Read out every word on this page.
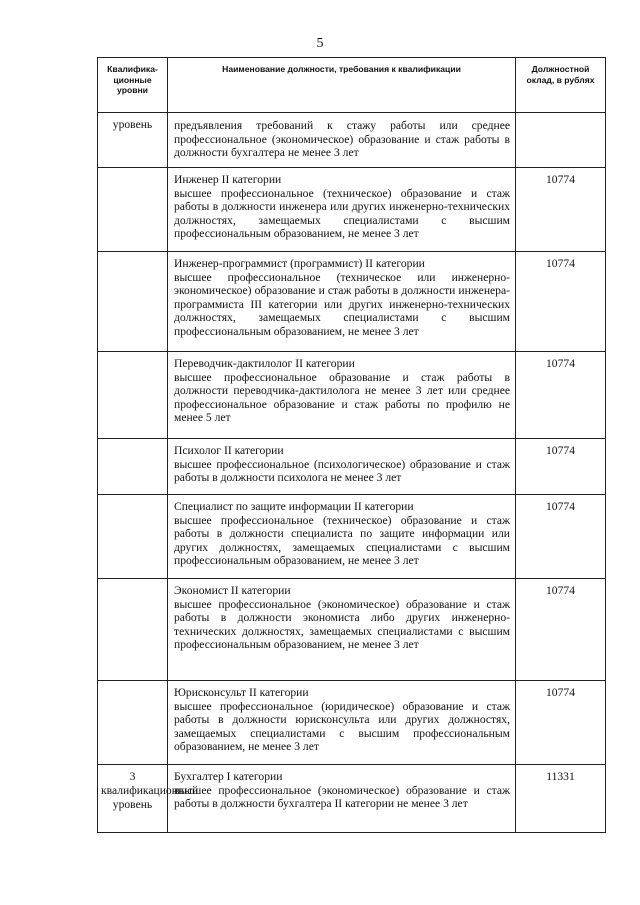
5
Квалифика-ционные уровни	Наименование должности, требования к квалификации	Должностной оклад, в рублях
уровень	предъявления требований к стажу работы или среднее профессиональное (экономическое) образование и стаж работы в должности бухгалтера не менее 3 лет	

	Инженер II категории
высшее профессиональное (техническое) образование и стаж работы в должности инженера или других инженерно-технических должностях, замещаемых специалистами с высшим профессиональным образованием, не менее 3 лет	10774

	Инженер-программист (программист) II категории
высшее профессиональное (техническое или инженерно-экономическое) образование и стаж работы в должности инженера-программиста III категории или других инженерно-технических должностях, замещаемых специалистами с высшим профессиональным образованием, не менее 3 лет	10774

	Переводчик-дактилолог II категории
высшее профессиональное образование и стаж работы в должности переводчика-дактилолога не менее 3 лет или среднее профессиональное образование и стаж работы по профилю не менее 5 лет	10774

	Психолог II категории
высшее профессиональное (психологическое) образование и стаж работы в должности психолога не менее 3 лет	10774

	Специалист по защите информации II категории
высшее профессиональное (техническое) образование и стаж работы в должности специалиста по защите информации или других должностях, замещаемых специалистами с высшим профессиональным образованием, не менее 3 лет	10774

	Экономист II категории
высшее профессиональное (экономическое) образование и стаж работы в должности экономиста либо других инженерно-технических должностях, замещаемых специалистами с высшим профессиональным образованием, не менее 3 лет	10774

	Юрисконсульт II категории
высшее профессиональное (юридическое) образование и стаж работы в должности юрисконсульта или других должностях, замещаемых специалистами с высшим профессиональным образованием, не менее 3 лет	10774
3 квалификационный уровень	Бухгалтер I категории
высшее профессиональное (экономическое) образование и стаж работы в должности бухгалтера II категории не менее 3 лет	11331
